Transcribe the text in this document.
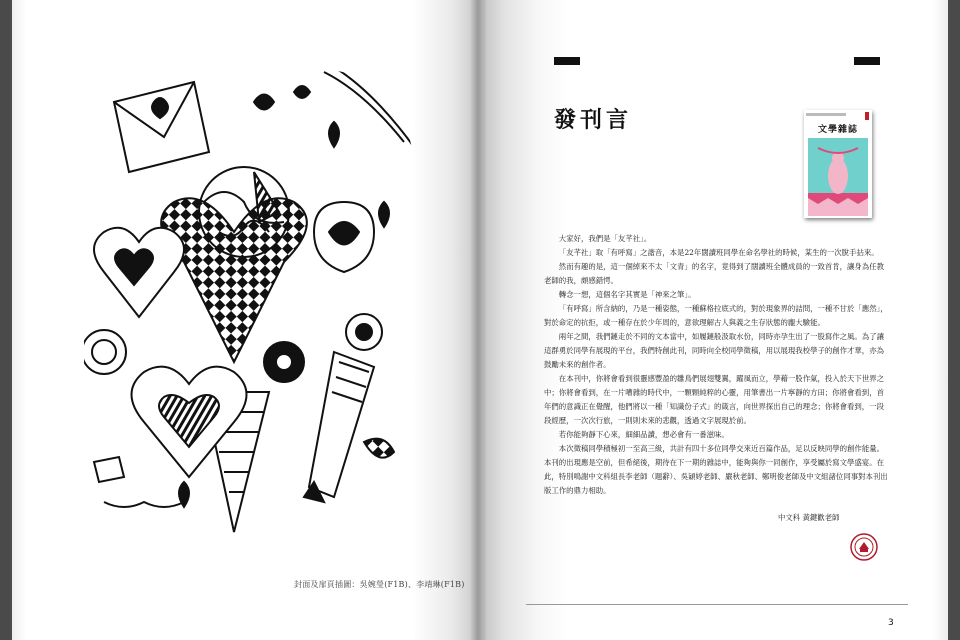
封面及扉頁插圖：吳婉瑩(F1B)、李靖琳(F1B)
發刊言	文學雜誌

大家好，我們是「友芊社」。

「友芊社」取「有呼寫」之諧音，本是22年闊讀班同學在命名學社的時候，某生的一次脫手拈來。

然而有趣的是，這一個綽來不太「文青」的名字，竟得到了闊讀班全體成員的一致首肯，讓身為任教老師的我，頗感錯愕。

轉念一想，這個名字其實是「神來之筆」。

「有呼寫」所含納的，乃是一種姿態，一種蘇格拉底式的，對於現象界的詰問，一種不甘於「應然」，對於命定的抗拒，或一種存在於少年周的，意欲理解古人與義之生存狀態的龐大驗能。

兩年之間，我們鏈走於不同的文本當中，如履鏈般汲取水份，同時亦孕生出了一股寫作之風。為了讓這群勇於同學有展現的平台，我們特創此刊，同時向全校同學徵稿，用以展現我校學子的創作才華，亦為鼓勵未來的創作者。

在本刊中，你將會看到很靈感豐盈的雛鳥們展翅雙翼，躍風而立，學藉一股作氣，投入於天下世界之中；你將會看到，在一片嘈雜的時代中，一顆顆純粹的心靈，用筆書出一片寧靜的方田；你將會看到，首年們的意識正在覺醒，他們將以一種「知識份子式」的箴言，向世界探出自己的理念；你將會看到，一段段經歷，一次次行旅，一則則未來的悲觀，透過文字展現於前。

若你能夠靜下心來，細細品讀，想必會有一番滋味。

本次徵稿同學積極初一至高三級，共計有四十多位同學交來近百篇作品，足以反映同學的創作能量。本刊的出現應是空前，但希絕後，期待在下一期的雜誌中，能夠與你一同創作，享受屬於寫文學盛宴。在此，特別鳴謝中文科組長李老師（題辭）、吳穎婷老師、嚴秋老師、鄭明俊老師及中文組諸位同事對本刊出版工作的鼎力相助。

中文科 黃鍵歡老師
3
